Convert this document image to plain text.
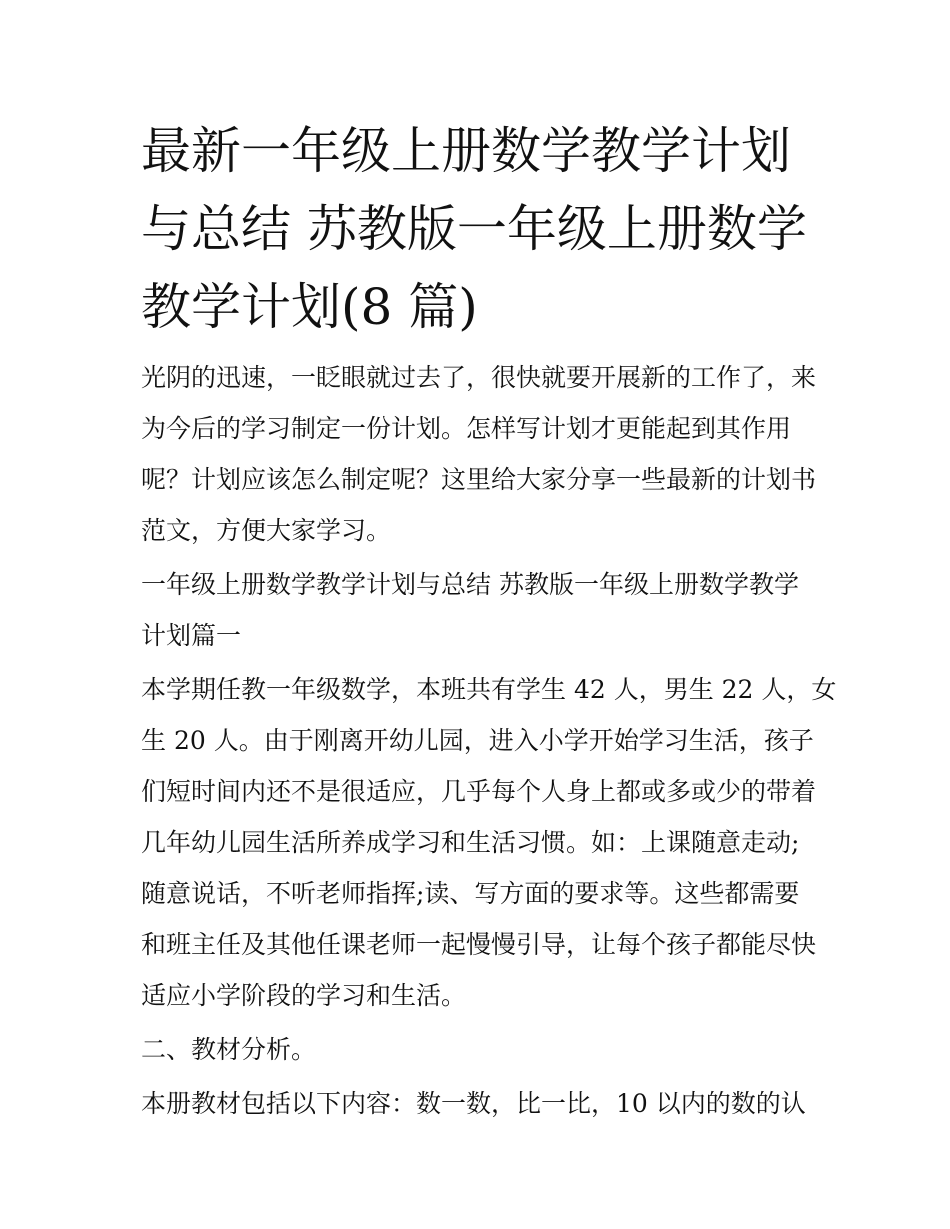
最新一年级上册数学教学计划
与总结 苏教版一年级上册数学
教学计划(8 篇)

光阴的迅速，一眨眼就过去了，很快就要开展新的工作了，来
为今后的学习制定一份计划。怎样写计划才更能起到其作用
呢？计划应该怎么制定呢？这里给大家分享一些最新的计划书
范文，方便大家学习。

一年级上册数学教学计划与总结 苏教版一年级上册数学教学
计划篇一

本学期任教一年级数学，本班共有学生 42 人，男生 22 人，女
生 20 人。由于刚离开幼儿园，进入小学开始学习生活，孩子
们短时间内还不是很适应，几乎每个人身上都或多或少的带着
几年幼儿园生活所养成学习和生活习惯。如：上课随意走动;
随意说话，不听老师指挥;读、写方面的要求等。这些都需要
和班主任及其他任课老师一起慢慢引导，让每个孩子都能尽快
适应小学阶段的学习和生活。

二、教材分析。

本册教材包括以下内容：数一数，比一比，10 以内的数的认
